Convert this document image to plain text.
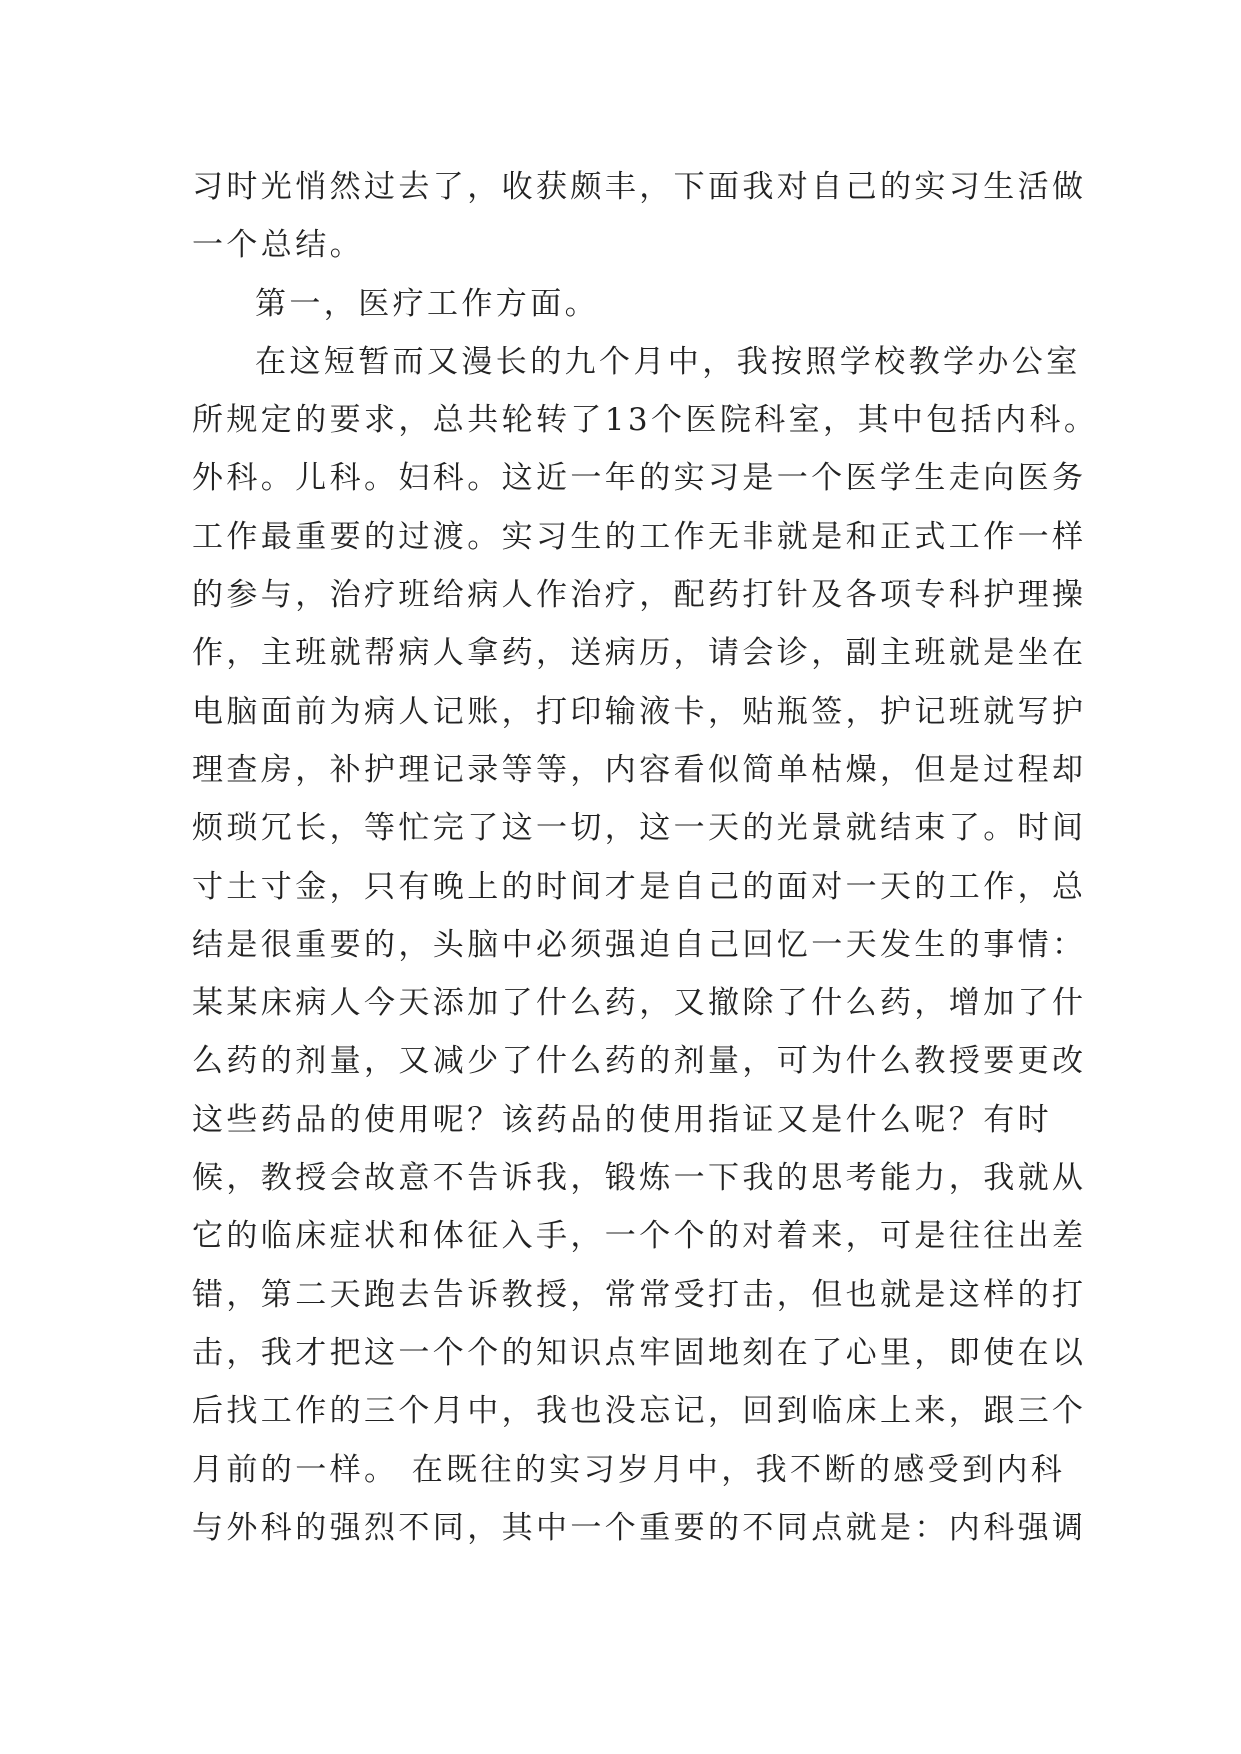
习时光悄然过去了，收获颇丰，下面我对自己的实习生活做
一个总结。
第一，医疗工作方面。
在这短暂而又漫长的九个月中，我按照学校教学办公室
所规定的要求，总共轮转了13个医院科室，其中包括内科。
外科。儿科。妇科。这近一年的实习是一个医学生走向医务
工作最重要的过渡。实习生的工作无非就是和正式工作一样
的参与，治疗班给病人作治疗，配药打针及各项专科护理操
作，主班就帮病人拿药，送病历，请会诊，副主班就是坐在
电脑面前为病人记账，打印输液卡，贴瓶签，护记班就写护
理查房，补护理记录等等，内容看似简单枯燥，但是过程却
烦琐冗长，等忙完了这一切，这一天的光景就结束了。时间
寸土寸金，只有晚上的时间才是自己的面对一天的工作，总
结是很重要的，头脑中必须强迫自己回忆一天发生的事情：
某某床病人今天添加了什么药，又撤除了什么药，增加了什
么药的剂量，又减少了什么药的剂量，可为什么教授要更改
这些药品的使用呢？该药品的使用指证又是什么呢？有时
候，教授会故意不告诉我，锻炼一下我的思考能力，我就从
它的临床症状和体征入手，一个个的对着来，可是往往出差
错，第二天跑去告诉教授，常常受打击，但也就是这样的打
击，我才把这一个个的知识点牢固地刻在了心里，即使在以
后找工作的三个月中，我也没忘记，回到临床上来，跟三个
月前的一样。 在既往的实习岁月中，我不断的感受到内科
与外科的强烈不同，其中一个重要的不同点就是：内科强调
